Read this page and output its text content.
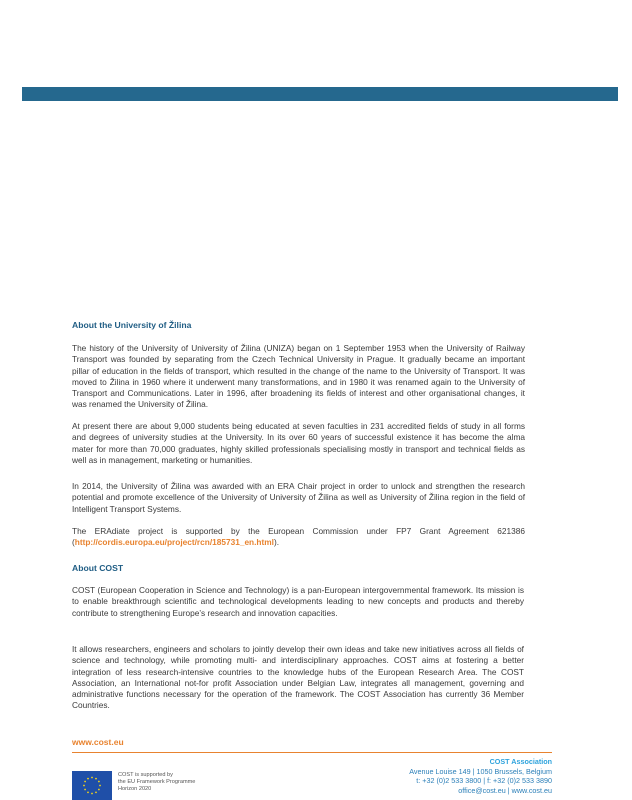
About the University of Žilina

The history of the University of University of Žilina (UNIZA) began on 1 September 1953 when the University of Railway Transport was founded by separating from the Czech Technical University in Prague. It gradually became an important pillar of education in the fields of transport, which resulted in the change of the name to the University of Transport. It was moved to Žilina in 1960 where it underwent many transformations, and in 1980 it was renamed again to the University of Transport and Communications. Later in 1996, after broadening its fields of interest and other organisational changes, it was renamed the University of Žilina.

At present there are about 9,000 students being educated at seven faculties in 231 accredited fields of study in all forms and degrees of university studies at the University. In its over 60 years of successful existence it has become the alma mater for more than 70,000 graduates, highly skilled professionals specialising mostly in transport and technical fields as well as in management, marketing or humanities.

In 2014, the University of Žilina was awarded with an ERA Chair project in order to unlock and strengthen the research potential and promote excellence of the University of University of Žilina as well as University of Žilina region in the field of Intelligent Transport Systems.

The ERAdiate project is supported by the European Commission under FP7 Grant Agreement 621386 (http://cordis.europa.eu/project/rcn/185731_en.html).

About COST

COST (European Cooperation in Science and Technology) is a pan-European intergovernmental framework. Its mission is to enable breakthrough scientific and technological developments leading to new concepts and products and thereby contribute to strengthening Europe’s research and innovation capacities.

It allows researchers, engineers and scholars to jointly develop their own ideas and take new initiatives across all fields of science and technology, while promoting multi- and interdisciplinary approaches. COST aims at fostering a better integration of less research-intensive countries to the knowledge hubs of the European Research Area. The COST Association, an International not-for profit Association under Belgian Law, integrates all management, governing and administrative functions necessary for the operation of the framework. The COST Association has currently 36 Member Countries.

www.cost.eu
COST is supported by
the EU Framework Programme
Horizon 2020
COST Association
Avenue Louise 149 | 1050 Brussels, Belgium
t: +32 (0)2 533 3800 | f: +32 (0)2 533 3890
office@cost.eu | www.cost.eu
